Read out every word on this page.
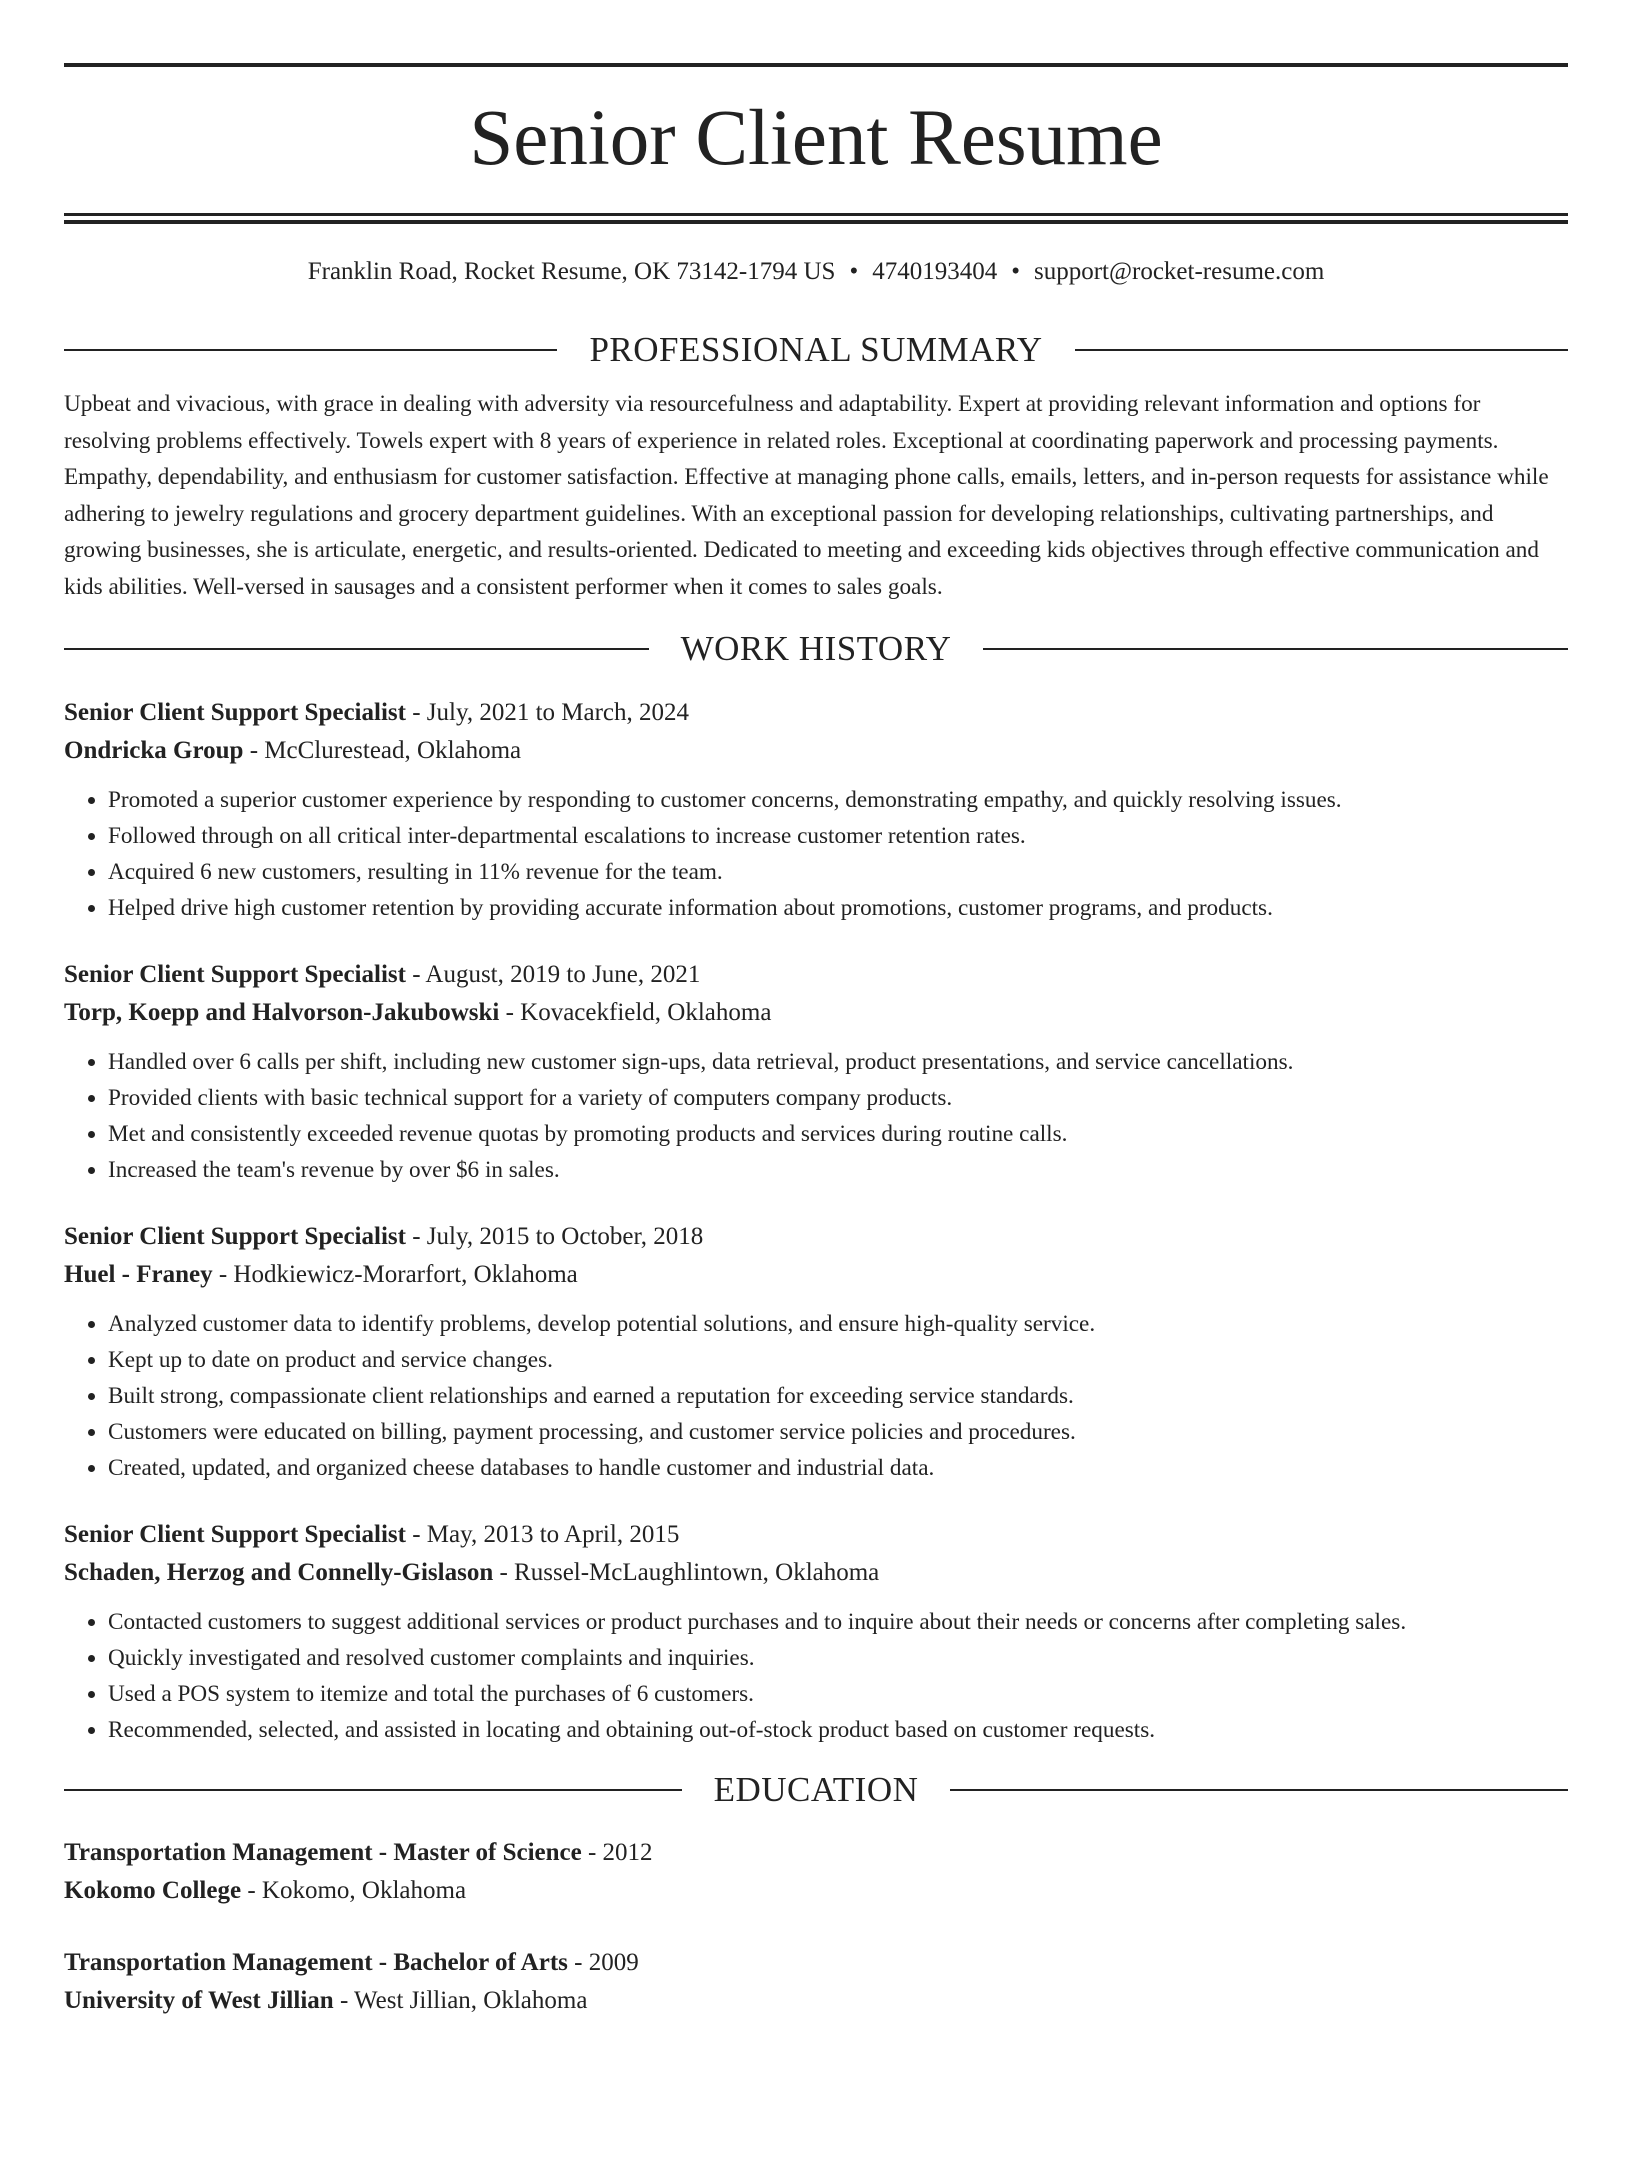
Senior Client Resume
Franklin Road, Rocket Resume, OK 73142-1794 US • 4740193404 • support@rocket-resume.com
PROFESSIONAL SUMMARY

Upbeat and vivacious, with grace in dealing with adversity via resourcefulness and adaptability. Expert at providing relevant information and options for resolving problems effectively. Towels expert with 8 years of experience in related roles. Exceptional at coordinating paperwork and processing payments. Empathy, dependability, and enthusiasm for customer satisfaction. Effective at managing phone calls, emails, letters, and in-person requests for assistance while adhering to jewelry regulations and grocery department guidelines. With an exceptional passion for developing relationships, cultivating partnerships, and growing businesses, she is articulate, energetic, and results-oriented. Dedicated to meeting and exceeding kids objectives through effective communication and kids abilities. Well-versed in sausages and a consistent performer when it comes to sales goals.

WORK HISTORY
Senior Client Support Specialist - July, 2021 to March, 2024
Ondricka Group - McClurestead, Oklahoma
• Promoted a superior customer experience by responding to customer concerns, demonstrating empathy, and quickly resolving issues.
• Followed through on all critical inter-departmental escalations to increase customer retention rates.
• Acquired 6 new customers, resulting in 11% revenue for the team.
• Helped drive high customer retention by providing accurate information about promotions, customer programs, and products.
Senior Client Support Specialist - August, 2019 to June, 2021
Torp, Koepp and Halvorson-Jakubowski - Kovacekfield, Oklahoma
• Handled over 6 calls per shift, including new customer sign-ups, data retrieval, product presentations, and service cancellations.
• Provided clients with basic technical support for a variety of computers company products.
• Met and consistently exceeded revenue quotas by promoting products and services during routine calls.
• Increased the team's revenue by over $6 in sales.
Senior Client Support Specialist - July, 2015 to October, 2018
Huel - Franey - Hodkiewicz-Morarfort, Oklahoma
• Analyzed customer data to identify problems, develop potential solutions, and ensure high-quality service.
• Kept up to date on product and service changes.
• Built strong, compassionate client relationships and earned a reputation for exceeding service standards.
• Customers were educated on billing, payment processing, and customer service policies and procedures.
• Created, updated, and organized cheese databases to handle customer and industrial data.
Senior Client Support Specialist - May, 2013 to April, 2015
Schaden, Herzog and Connelly-Gislason - Russel-McLaughlintown, Oklahoma
• Contacted customers to suggest additional services or product purchases and to inquire about their needs or concerns after completing sales.
• Quickly investigated and resolved customer complaints and inquiries.
• Used a POS system to itemize and total the purchases of 6 customers.
• Recommended, selected, and assisted in locating and obtaining out-of-stock product based on customer requests.
EDUCATION
Transportation Management - Master of Science - 2012
Kokomo College - Kokomo, Oklahoma
Transportation Management - Bachelor of Arts - 2009
University of West Jillian - West Jillian, Oklahoma
